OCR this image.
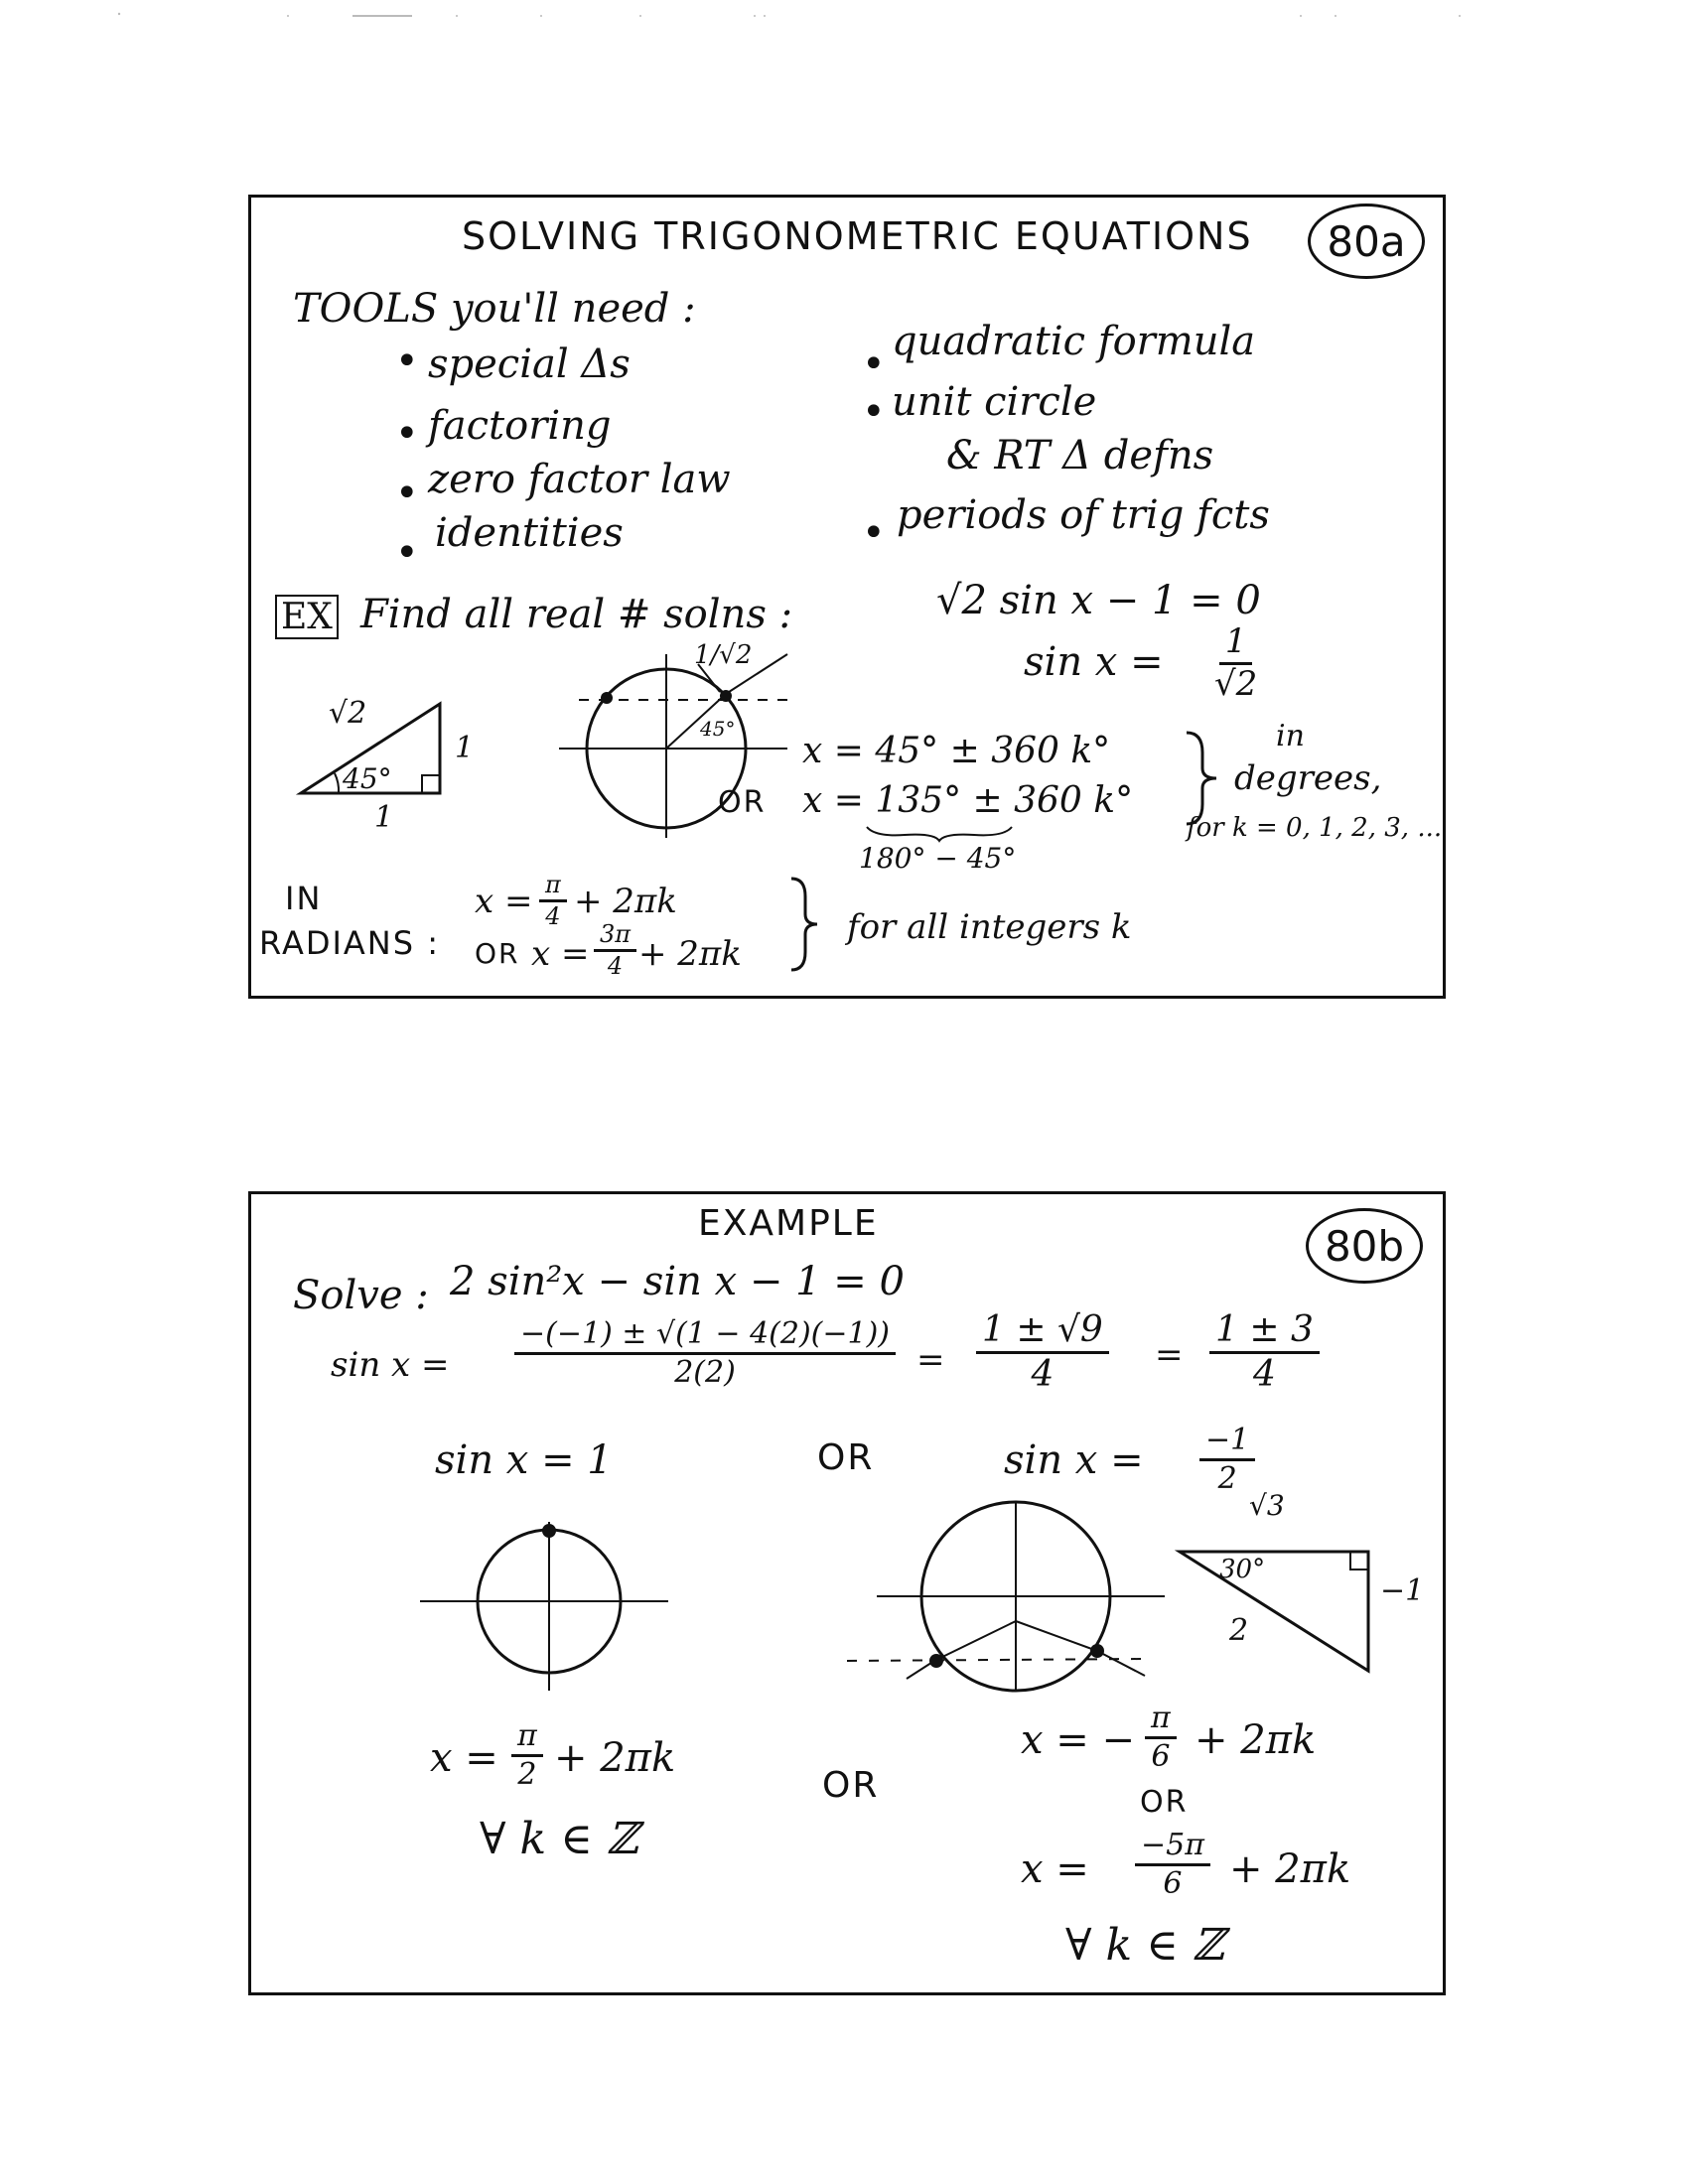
SOLVING TRIGONOMETRIC EQUATIONS	80a
TOOLS you'll need :
• special Δs
• factoring
• zero factor law
• identities
• quadratic formula
• unit circle
& RT Δ defns
• periods of trig fcts
EX Find all real # solns :	√2 sin x − 1 = 0
$\sin x = \frac{1}{√2}$
√2
45°
1
1
1/√2
45°
x = 45° ± 360 k°
OR x = 135° ± 360 k°
180° − 45°
in
degrees,
for k = 0, 1, 2, 3, ...
IN
RADIANS :
$x = \frac{\pi}{4} + 2\pi k$
OR $x = \frac{3\pi}{4} + 2\pi k$
for all integers k
EXAMPLE	80b
Solve : 2 sin²x − sin x − 1 = 0
$\sin x = \frac{-(-1) \pm √(1 - 4(2)(-1))}{2(2)} = \frac{1 \pm √9}{4} = \frac{1 \pm 3}{4}$
sin x = 1	OR	$\sin x = \frac{-1}{2}$
√3
30°
2
−1
$x = \frac{\pi}{2} + 2\pi k$
∀ k ∈ ℤ
OR
x = − $\frac{\pi}{6} + 2\pi k$
OR
$x = \frac{-5\pi}{6} + 2\pi k$
∀ k ∈ ℤ
